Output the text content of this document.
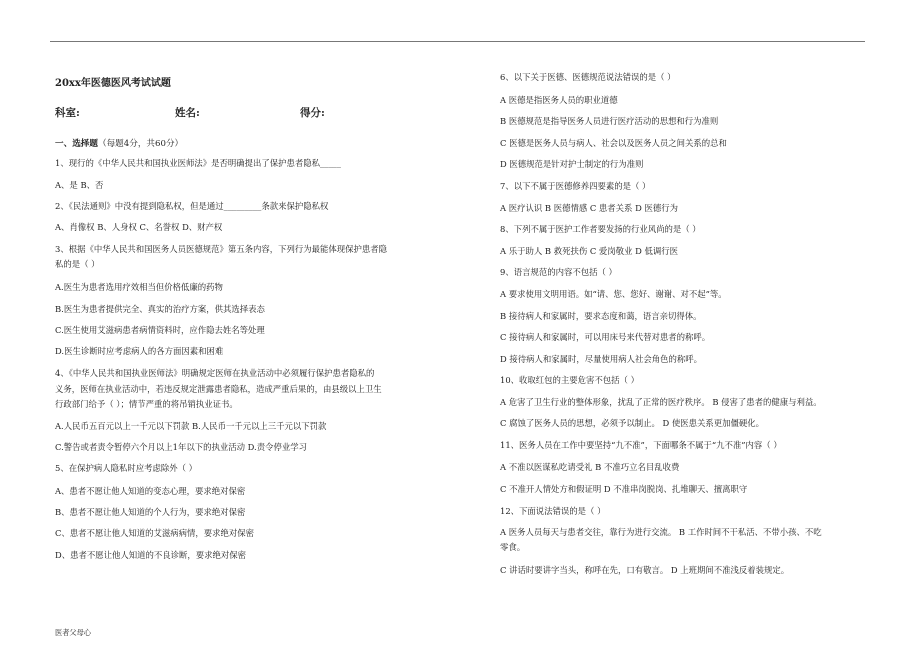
20xx年医德医风考试试题
科室:	姓名:	得分:
一、选择题（每题4分，共60分）
1、现行的《中华人民共和国执业医师法》是否明确提出了保护患者隐私_____
A、是 B、否
2、《民法通则》中没有提到隐私权，但是通过_________条款来保护隐私权
A、肖像权 B、人身权 C、名誉权 D、财产权
3、根据《中华人民共和国医务人员医德规范》第五条内容，下列行为最能体现保护患者隐
私的是（ ）
A.医生为患者选用疗效相当但价格低廉的药物
B.医生为患者提供完全、真实的治疗方案，供其选择表态
C.医生使用艾滋病患者病情资料时，应作隐去姓名等处理
D.医生诊断时应考虑病人的各方面因素和困难
4、《中华人民共和国执业医师法》明确规定医师在执业活动中必须履行保护患者隐私的
义务，医师在执业活动中，若违反规定泄露患者隐私，造成严重后果的，由县级以上卫生
行政部门给予（ ）；情节严重的将吊销执业证书。
A.人民币五百元以上一千元以下罚款 B.人民币一千元以上三千元以下罚款
C.警告或者责令暂停六个月以上1年以下的执业活动 D.责令停业学习
5、在保护病人隐私时应考虑除外（ ）
A、患者不愿让他人知道的变态心理，要求绝对保密
B、患者不愿让他人知道的个人行为，要求绝对保密
C、患者不愿让他人知道的艾滋病病情，要求绝对保密
D、患者不愿让他人知道的不良诊断，要求绝对保密
6、以下关于医德、医德规范说法错误的是（ ）
A 医德是指医务人员的职业道德
B 医德规范是指导医务人员进行医疗活动的思想和行为准则
C 医德是医务人员与病人、社会以及医务人员之间关系的总和
D 医德规范是针对护士制定的行为准则
7、以下不属于医德修养四要素的是（ ）
A 医疗认识 B 医德情感 C 患者关系 D 医德行为
8、下列不属于医护工作者要发扬的行业风尚的是（ ）
A 乐于助人 B 救死扶伤 C 爱岗敬业 D 低调行医
9、语言规范的内容不包括（ ）
A 要求使用文明用语。如“请、您、您好、谢谢、对不起”等。
B 接待病人和家属时，要求态度和蔼，语言亲切得体。
C 接待病人和家属时，可以用床号来代替对患者的称呼。
D 接待病人和家属时，尽量使用病人社会角色的称呼。
10、收取红包的主要危害不包括（ ）
A 危害了卫生行业的整体形象，扰乱了正常的医疗秩序。 B 侵害了患者的健康与利益。
C 腐蚀了医务人员的思想，必须予以制止。 D 使医患关系更加僵硬化。
11、医务人员在工作中要坚持“九不准”，下面哪条不属于“九不准”内容（ ）
A 不准以医谋私吃请受礼 B 不准巧立名目乱收费
C 不准开人情处方和假证明 D 不准串岗脱岗、扎堆聊天、擅离职守
12、下面说法错误的是（ ）
A 医务人员每天与患者交往，靠行为进行交流。 B 工作时间不干私活、不带小孩、不吃
零食。
C 讲话时要讲字当头，称呼在先，口有敬言。 D 上班期间不准浅反着装规定。
医者父母心
